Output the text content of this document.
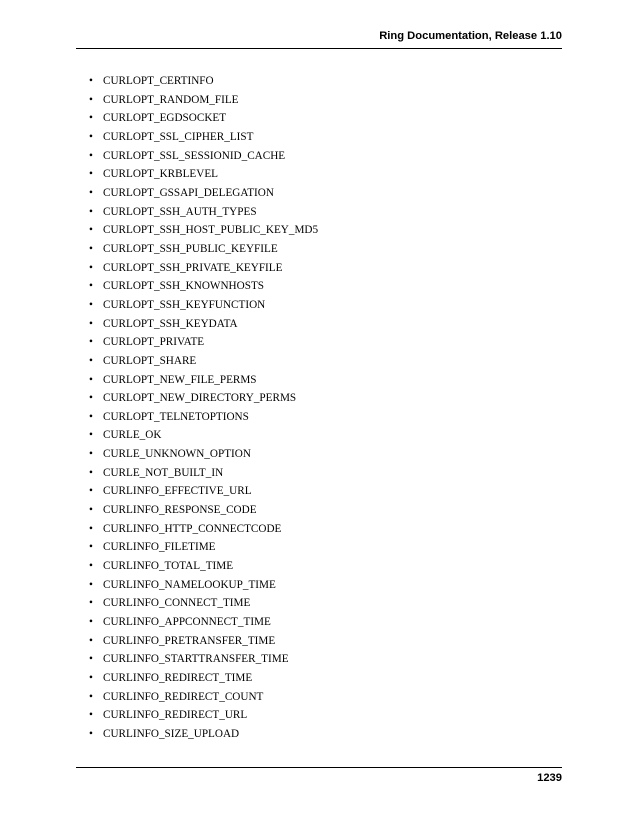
Ring Documentation, Release 1.10
• CURLOPT_CERTINFO
• CURLOPT_RANDOM_FILE
• CURLOPT_EGDSOCKET
• CURLOPT_SSL_CIPHER_LIST
• CURLOPT_SSL_SESSIONID_CACHE
• CURLOPT_KRBLEVEL
• CURLOPT_GSSAPI_DELEGATION
• CURLOPT_SSH_AUTH_TYPES
• CURLOPT_SSH_HOST_PUBLIC_KEY_MD5
• CURLOPT_SSH_PUBLIC_KEYFILE
• CURLOPT_SSH_PRIVATE_KEYFILE
• CURLOPT_SSH_KNOWNHOSTS
• CURLOPT_SSH_KEYFUNCTION
• CURLOPT_SSH_KEYDATA
• CURLOPT_PRIVATE
• CURLOPT_SHARE
• CURLOPT_NEW_FILE_PERMS
• CURLOPT_NEW_DIRECTORY_PERMS
• CURLOPT_TELNETOPTIONS
• CURLE_OK
• CURLE_UNKNOWN_OPTION
• CURLE_NOT_BUILT_IN
• CURLINFO_EFFECTIVE_URL
• CURLINFO_RESPONSE_CODE
• CURLINFO_HTTP_CONNECTCODE
• CURLINFO_FILETIME
• CURLINFO_TOTAL_TIME
• CURLINFO_NAMELOOKUP_TIME
• CURLINFO_CONNECT_TIME
• CURLINFO_APPCONNECT_TIME
• CURLINFO_PRETRANSFER_TIME
• CURLINFO_STARTTRANSFER_TIME
• CURLINFO_REDIRECT_TIME
• CURLINFO_REDIRECT_COUNT
• CURLINFO_REDIRECT_URL
• CURLINFO_SIZE_UPLOAD
1239
